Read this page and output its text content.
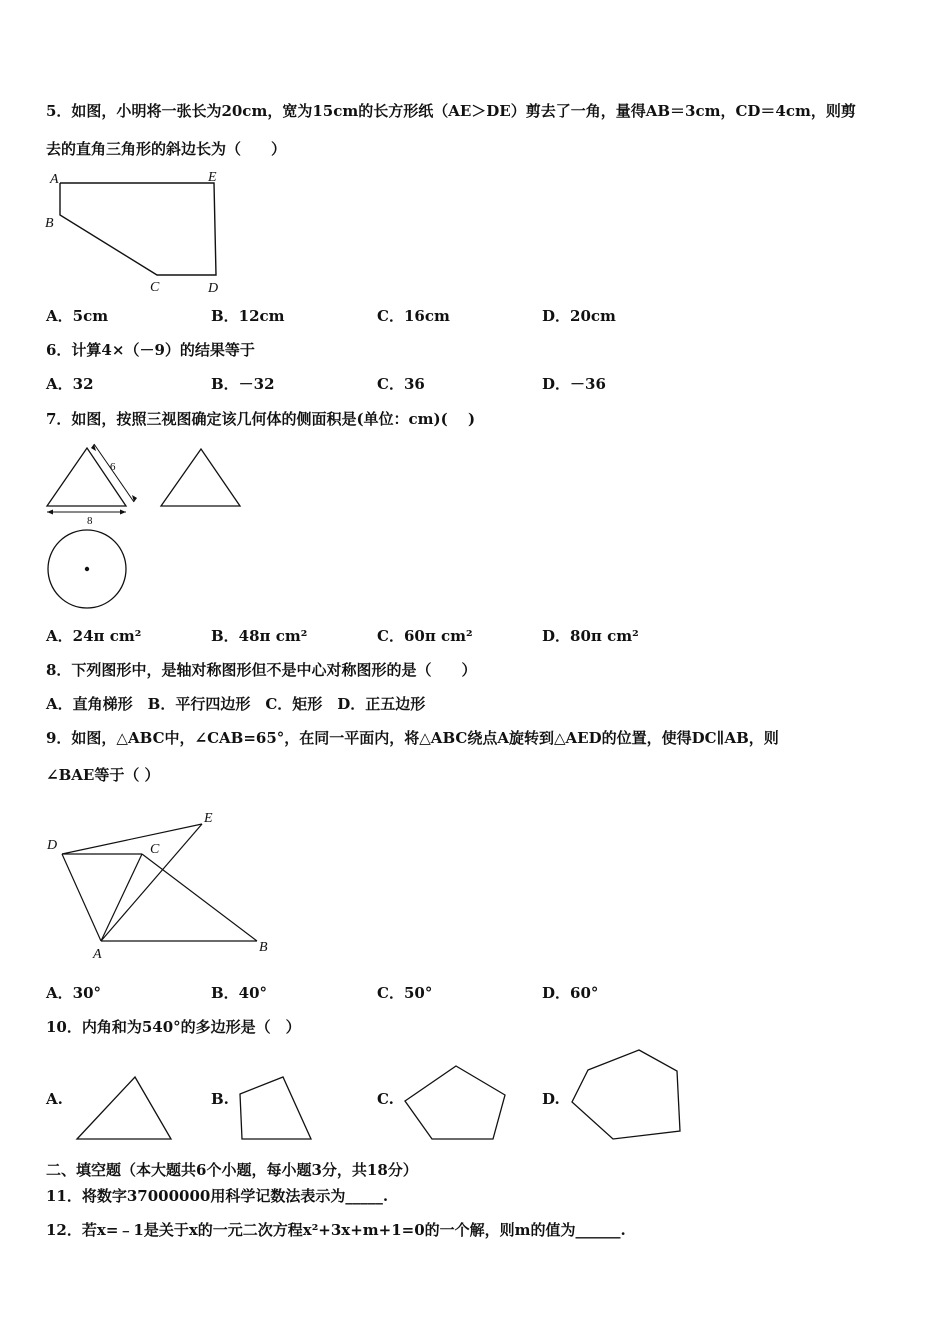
5．如图，小明将一张长为20cm，宽为15cm的长方形纸（AE＞DE）剪去了一角，量得AB＝3cm，CD＝4cm，则剪
去的直角三角形的斜边长为（　　）
A	E
B
C	D
A．5cm	B．12cm	C．16cm	D．20cm
6．计算4×（－9）的结果等于
A．32	B．－32	C．36	D．－36
7．如图，按照三视图确定该几何体的侧面积是(单位：cm)(　 )
6
8
A．24π cm²	B．48π cm²	C．60π cm²	D．80π cm²
8．下列图形中，是轴对称图形但不是中心对称图形的是（　　）
A．直角梯形　B．平行四边形　C．矩形　D．正五边形
9．如图，△ABC中，∠CAB=65°，在同一平面内，将△ABC绕点A旋转到△AED的位置，使得DC∥AB，则
∠BAE等于（ ）
D
E
C
A	B
A．30°	B．40°	C．50°	D．60°
10．内角和为540°的多边形是（　）
A.	B.	C.	D.
二、填空题（本大题共6个小题，每小题3分，共18分）
11．将数字37000000用科学记数法表示为_____.
12．若x=﹣1是关于x的一元二次方程x²+3x+m+1=0的一个解，则m的值为______.
